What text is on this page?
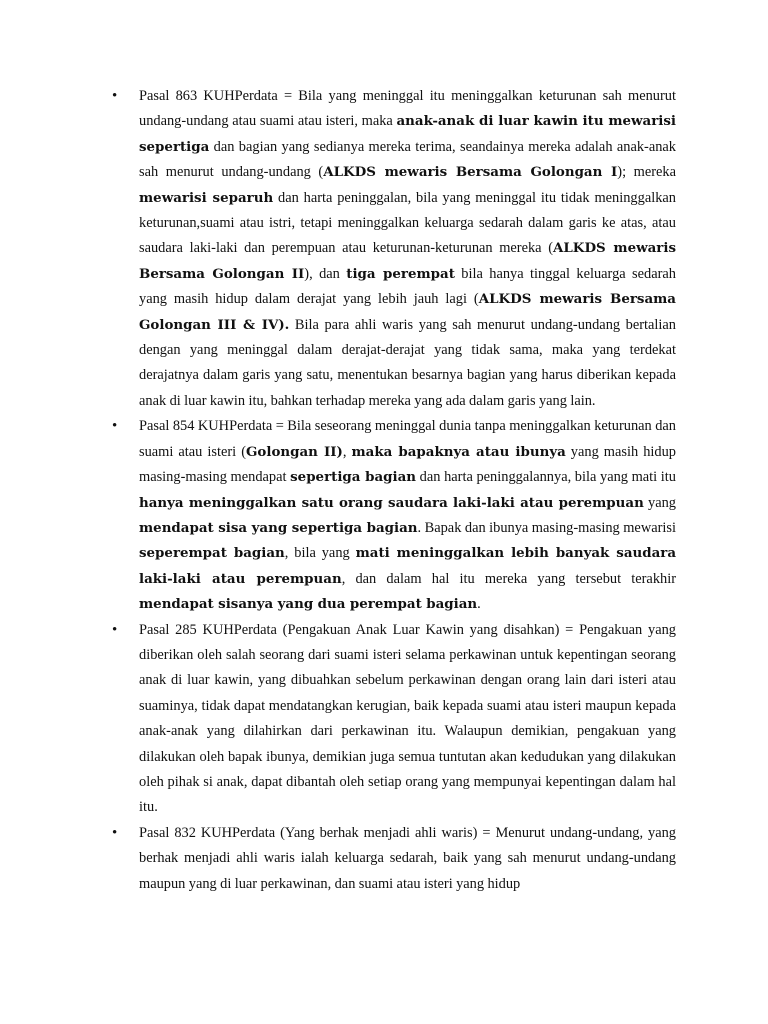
• Pasal 863 KUHPerdata = Bila yang meninggal itu meninggalkan keturunan sah menurut undang-undang atau suami atau isteri, maka anak-anak di luar kawin itu mewarisi sepertiga dan bagian yang sedianya mereka terima, seandainya mereka adalah anak-anak sah menurut undang-undang (ALKDS mewaris Bersama Golongan I); mereka mewarisi separuh dan harta peninggalan, bila yang meninggal itu tidak meninggalkan keturunan,suami atau istri, tetapi meninggalkan keluarga sedarah dalam garis ke atas, atau saudara laki-laki dan perempuan atau keturunan-keturunan mereka (ALKDS mewaris Bersama Golongan II), dan tiga perempat bila hanya tinggal keluarga sedarah yang masih hidup dalam derajat yang lebih jauh lagi (ALKDS mewaris Bersama Golongan III & IV). Bila para ahli waris yang sah menurut undang-undang bertalian dengan yang meninggal dalam derajat-derajat yang tidak sama, maka yang terdekat derajatnya dalam garis yang satu, menentukan besarnya bagian yang harus diberikan kepada anak di luar kawin itu, bahkan terhadap mereka yang ada dalam garis yang lain.

• Pasal 854 KUHPerdata = Bila seseorang meninggal dunia tanpa meninggalkan keturunan dan suami atau isteri (Golongan II), maka bapaknya atau ibunya yang masih hidup masing-masing mendapat sepertiga bagian dan harta peninggalannya, bila yang mati itu hanya meninggalkan satu orang saudara laki-laki atau perempuan yang mendapat sisa yang sepertiga bagian. Bapak dan ibunya masing-masing mewarisi seperempat bagian, bila yang mati meninggalkan lebih banyak saudara laki-laki atau perempuan, dan dalam hal itu mereka yang tersebut terakhir mendapat sisanya yang dua perempat bagian.

• Pasal 285 KUHPerdata (Pengakuan Anak Luar Kawin yang disahkan) = Pengakuan yang diberikan oleh salah seorang dari suami isteri selama perkawinan untuk kepentingan seorang anak di luar kawin, yang dibuahkan sebelum perkawinan dengan orang lain dari isteri atau suaminya, tidak dapat mendatangkan kerugian, baik kepada suami atau isteri maupun kepada anak-anak yang dilahirkan dari perkawinan itu. Walaupun demikian, pengakuan yang dilakukan oleh bapak ibunya, demikian juga semua tuntutan akan kedudukan yang dilakukan oleh pihak si anak, dapat dibantah oleh setiap orang yang mempunyai kepentingan dalam hal itu.

• Pasal 832 KUHPerdata (Yang berhak menjadi ahli waris) = Menurut undang-undang, yang berhak menjadi ahli waris ialah keluarga sedarah, baik yang sah menurut undang-undang maupun yang di luar perkawinan, dan suami atau isteri yang hidup
